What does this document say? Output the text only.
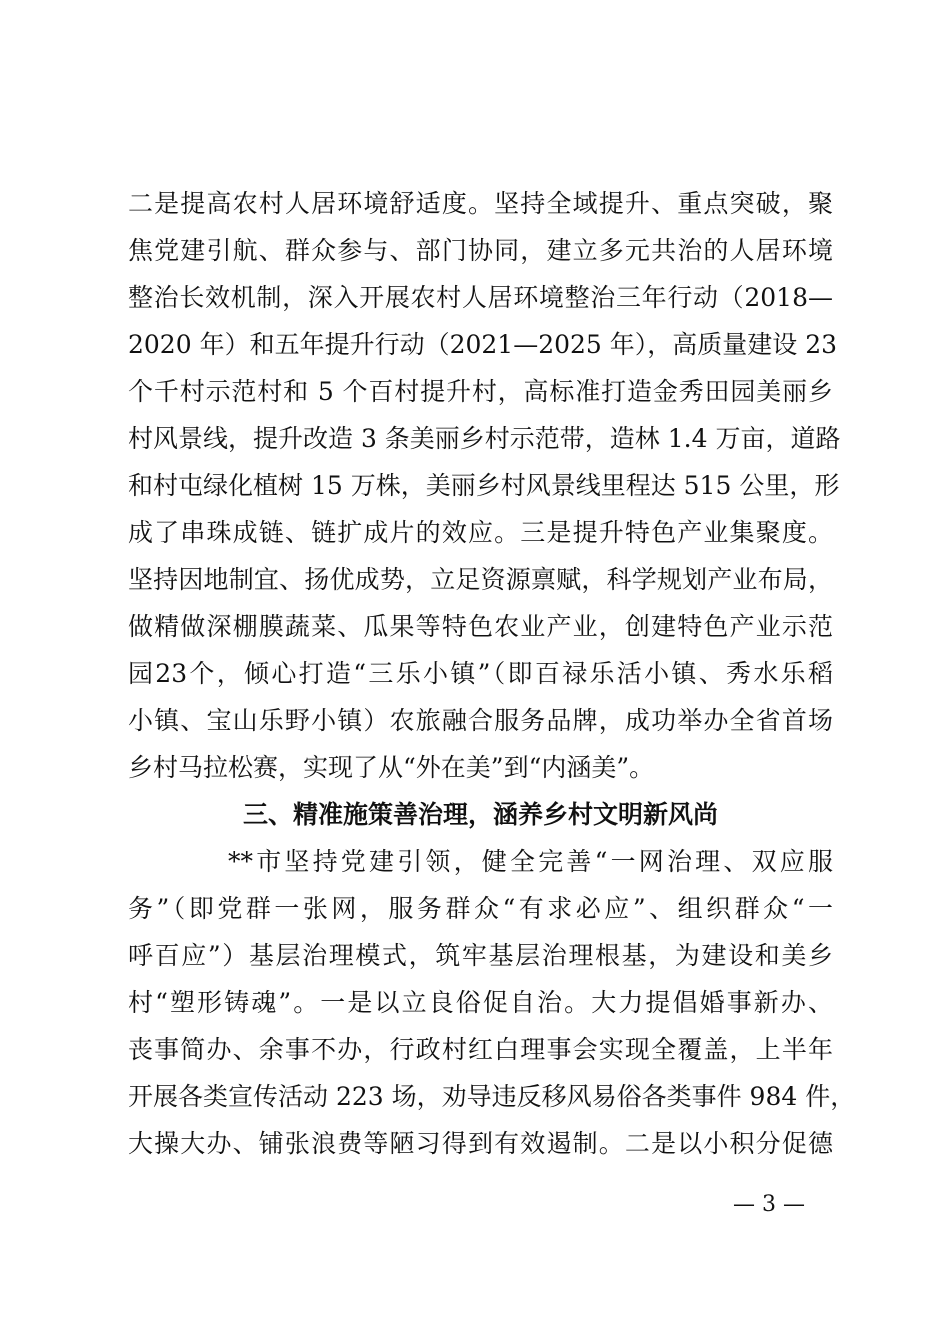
二是提高农村人居环境舒适度。坚持全域提升、重点突破，聚
焦党建引航、群众参与、部门协同，建立多元共治的人居环境
整治长效机制，深入开展农村人居环境整治三年行动（2018—
2020 年）和五年提升行动（2021—2025 年），高质量建设 23
个千村示范村和 5 个百村提升村，高标准打造金秀田园美丽乡
村风景线，提升改造 3 条美丽乡村示范带，造林 1.4 万亩，道路
和村屯绿化植树 15 万株，美丽乡村风景线里程达 515 公里，形
成了串珠成链、链扩成片的效应。三是提升特色产业集聚度。
坚持因地制宜、扬优成势，立足资源禀赋，科学规划产业布局，
做精做深棚膜蔬菜、瓜果等特色农业产业，创建特色产业示范
园23个，倾心打造“三乐小镇”（即百禄乐活小镇、秀水乐稻
小镇、宝山乐野小镇）农旅融合服务品牌，成功举办全省首场
乡村马拉松赛，实现了从“外在美”到“内涵美”。
三、精准施策善治理，涵养乡村文明新风尚
**市坚持党建引领，健全完善“一网治理、双应服
务”（即党群一张网，服务群众“有求必应”、组织群众“一
呼百应”）基层治理模式，筑牢基层治理根基，为建设和美乡
村“塑形铸魂”。一是以立良俗促自治。大力提倡婚事新办、
丧事简办、余事不办，行政村红白理事会实现全覆盖，上半年
开展各类宣传活动 223 场，劝导违反移风易俗各类事件 984 件，
大操大办、铺张浪费等陋习得到有效遏制。二是以小积分促德
— 3 —
